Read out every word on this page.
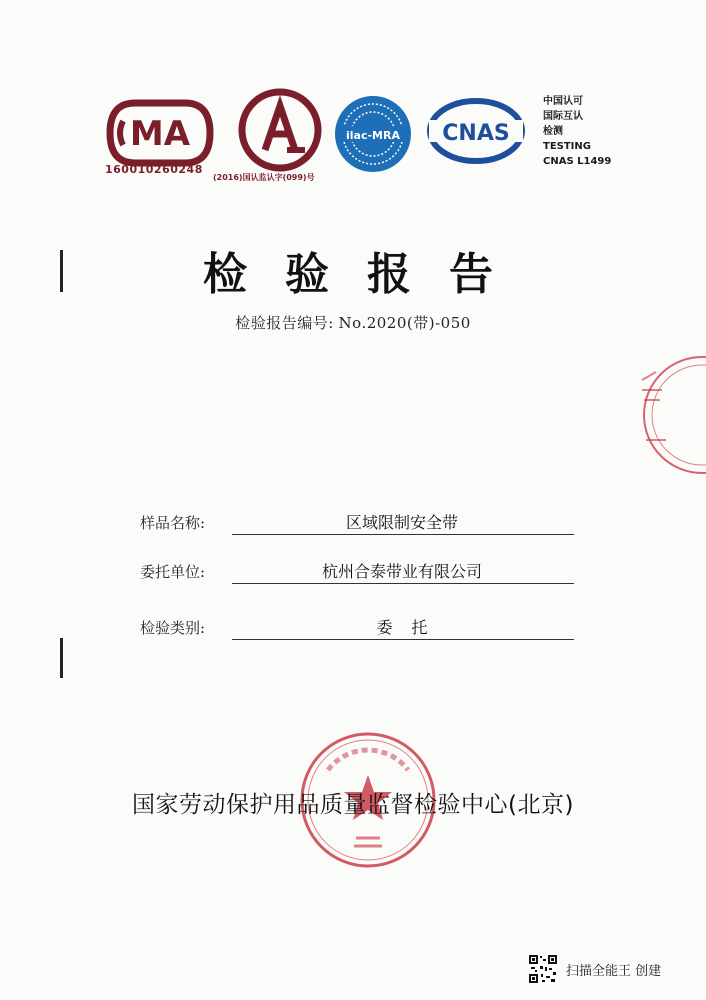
MA
160010260248
(2016)国认监认字(099)号
ilac-MRA CNAS
中国认可
国际互认
检测
TESTING
CNAS L1499
检验报告
检验报告编号: No.2020(带)-050
样品名称:	区域限制安全带
委托单位:	杭州合泰带业有限公司
检验类别:	委 托
国家劳动保护用品质量监督检验中心(北京)
扫描全能王 创建
